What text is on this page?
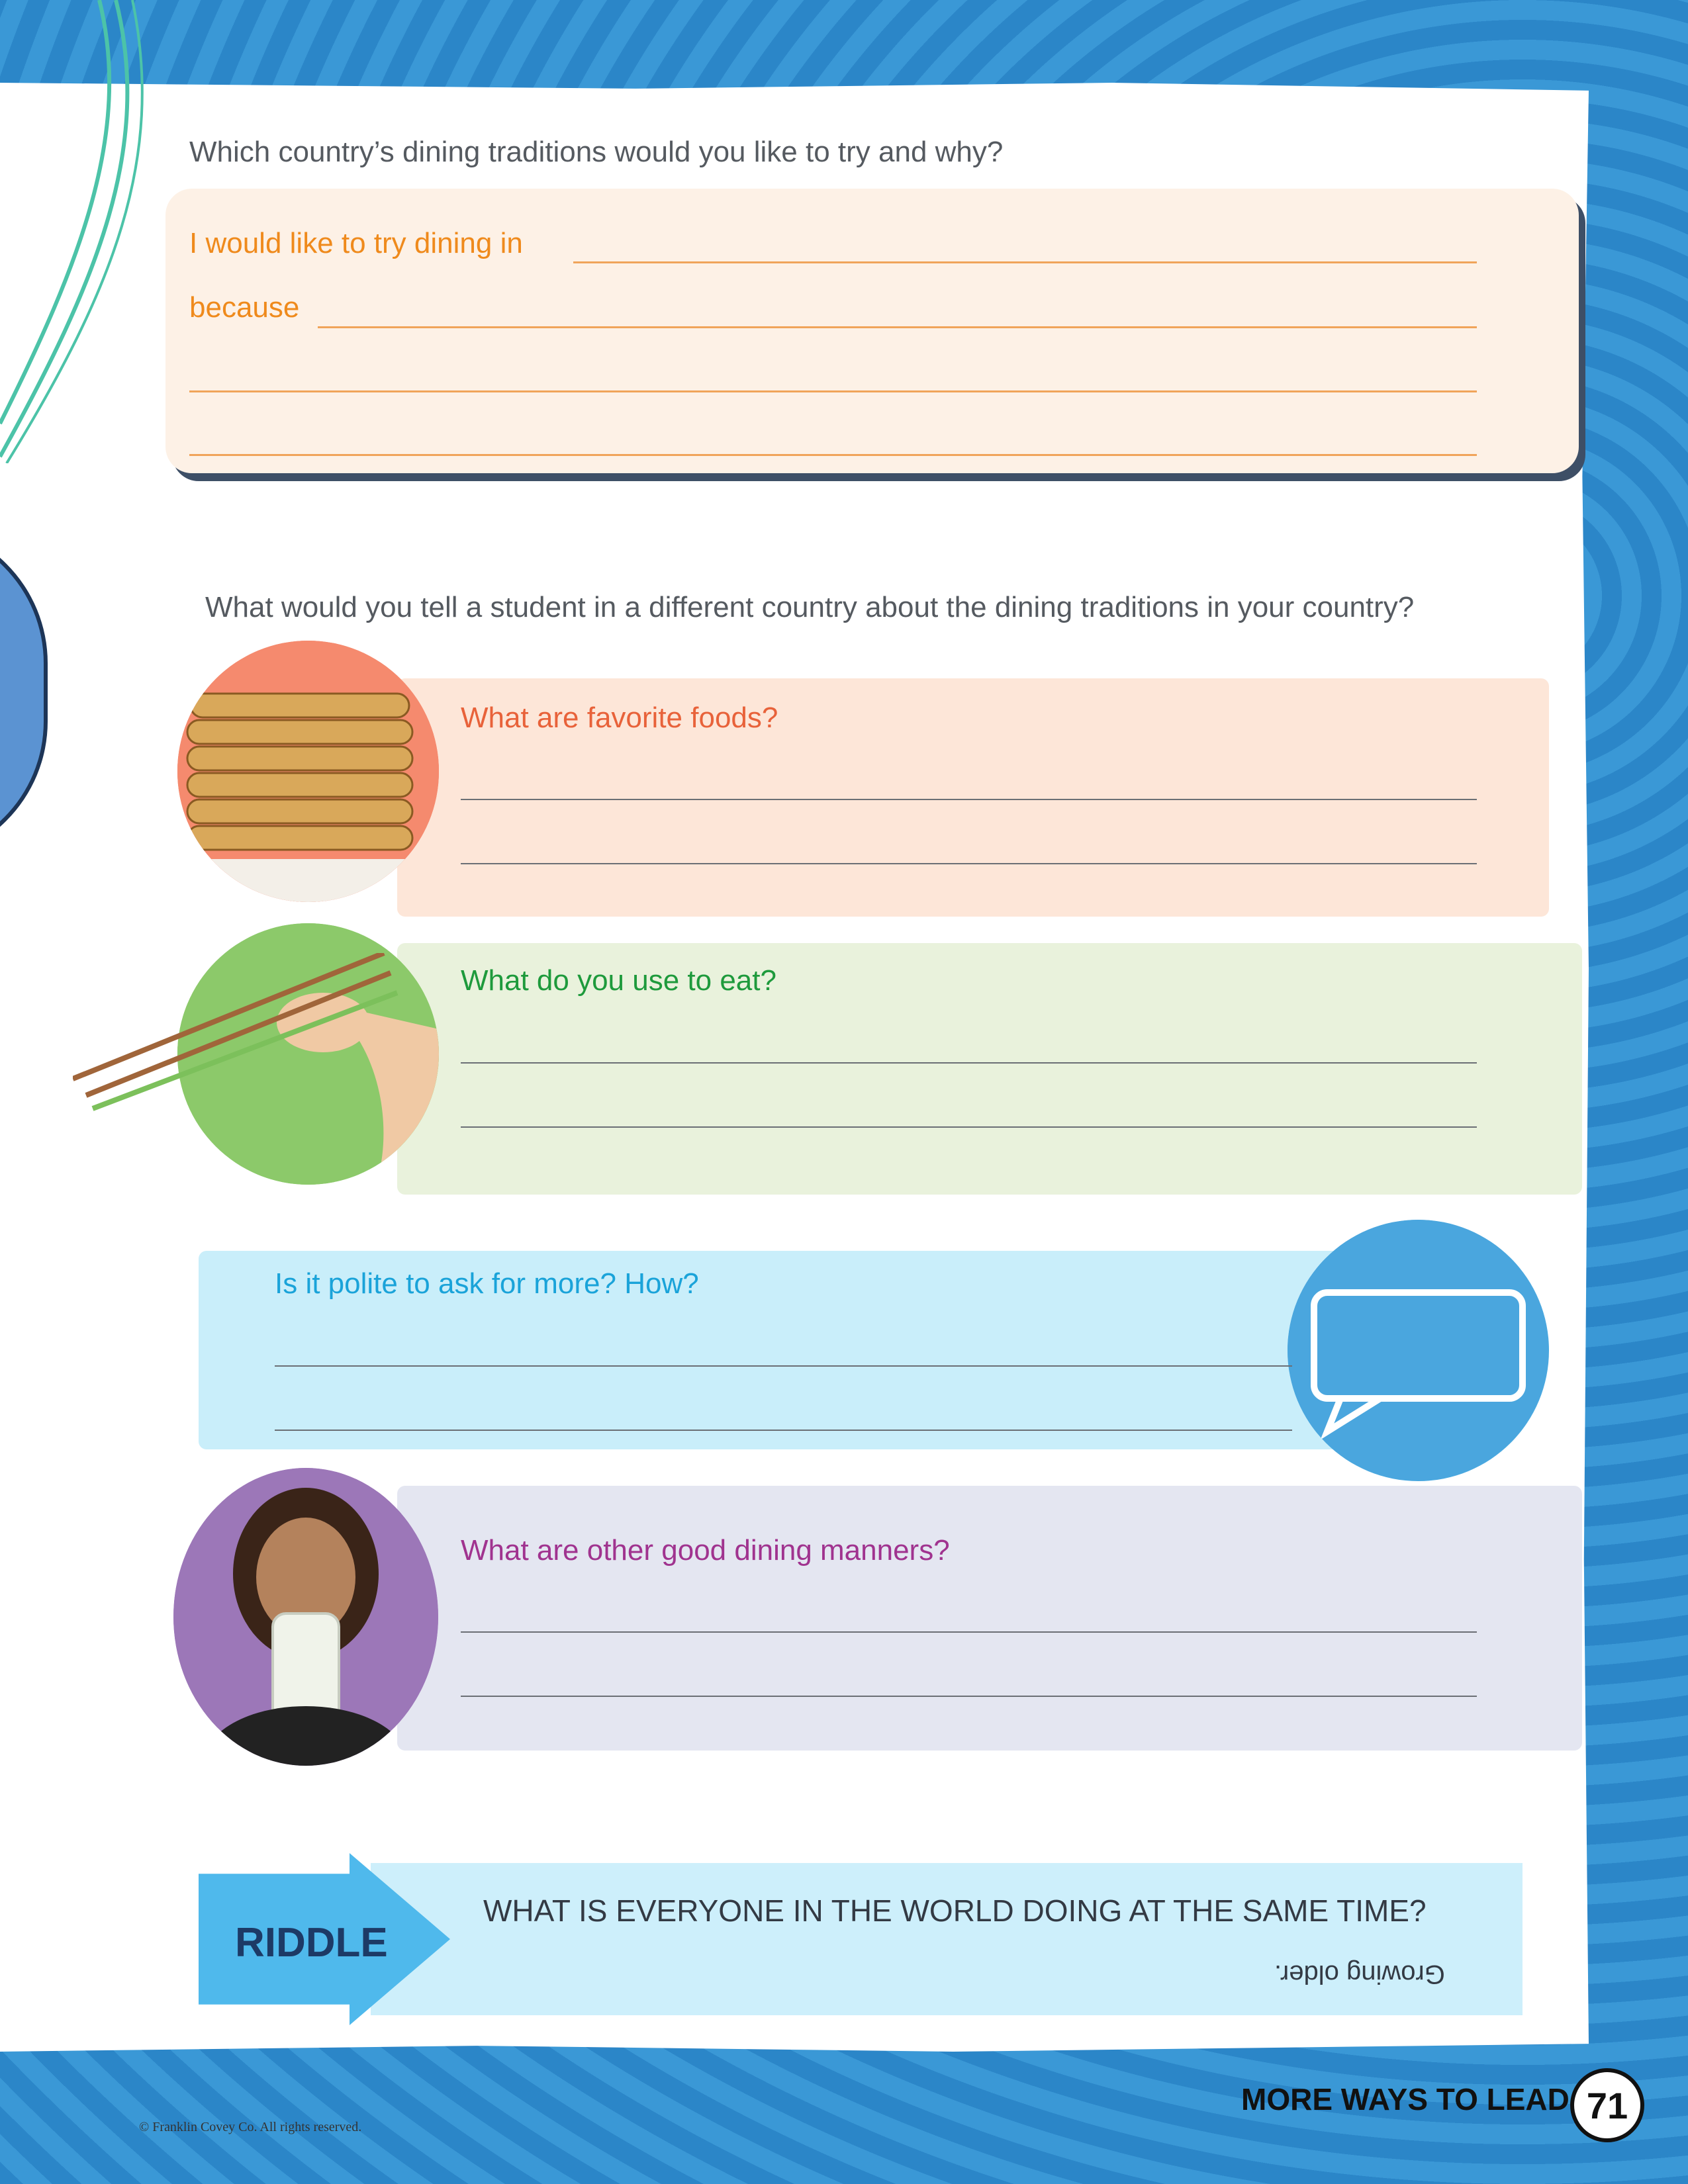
Which country’s dining traditions would you like to try and why?
I would like to try dining in
because
What would you tell a student in a different country about the dining traditions in your country?
What are favorite foods?
What do you use to eat?
Is it polite to ask for more? How?
What are other good dining manners?
RIDDLE
WHAT IS EVERYONE IN THE WORLD DOING AT THE SAME TIME?
Growing older.
MORE WAYS TO LEAD 71
© Franklin Covey Co. All rights reserved.
